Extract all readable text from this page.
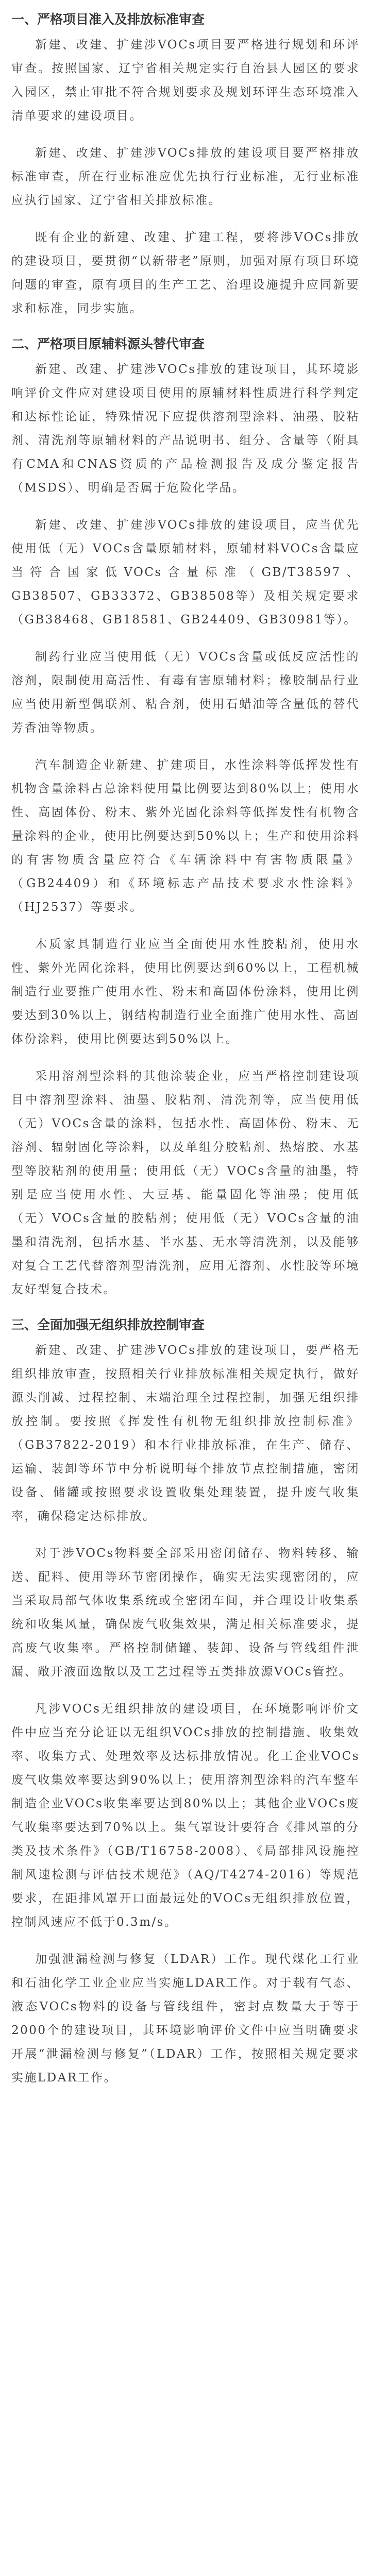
一、严格项目准入及排放标准审查

新建、改建、扩建涉VOCs项目要严格进行规划和环评审查。按照国家、辽宁省相关规定实行自治县人园区的要求入园区，禁止审批不符合规划要求及规划环评生态环境准入清单要求的建设项目。

新建、改建、扩建涉VOCs排放的建设项目要严格排放标准审查，所在行业标准应优先执行行业标准，无行业标准应执行国家、辽宁省相关排放标准。

既有企业的新建、改建、扩建工程，要将涉VOCs排放的建设项目，要贯彻“以新带老”原则，加强对原有项目环境问题的审查，原有项目的生产工艺、治理设施提升应同新要求和标准，同步实施。

二、严格项目原辅料源头替代审查

新建、改建、扩建涉VOCs排放的建设项目，其环境影响评价文件应对建设项目使用的原辅材料性质进行科学判定和达标性论证，特殊情况下应提供溶剂型涂料、油墨、胶粘剂、清洗剂等原辅材料的产品说明书、组分、含量等（附具有CMA和CNAS资质的产品检测报告及成分鉴定报告（MSDS）、明确是否属于危险化学品。

新建、改建、扩建涉VOCs排放的建设项目，应当优先使用低（无）VOCs含量原辅材料，原辅材料VOCs含量应当符合国家低VOCs含量标准（GB/T38597、GB38507、GB33372、GB38508等）及相关规定要求（GB38468、GB18581、GB24409、GB30981等）。

制药行业应当使用低（无）VOCs含量或低反应活性的溶剂，限制使用高活性、有毒有害原辅材料；橡胶制品行业应当使用新型偶联剂、粘合剂，使用石蜡油等含量低的替代芳香油等物质。

汽车制造企业新建、扩建项目，水性涂料等低挥发性有机物含量涂料占总涂料使用量比例要达到80%以上；使用水性、高固体份、粉末、紫外光固化涂料等低挥发性有机物含量涂料的企业，使用比例要达到50%以上；生产和使用涂料的有害物质含量应符合《车辆涂料中有害物质限量》（GB24409）和《环境标志产品技术要求水性涂料》（HJ2537）等要求。

木质家具制造行业应当全面使用水性胶粘剂，使用水性、紫外光固化涂料，使用比例要达到60%以上，工程机械制造行业要推广使用水性、粉末和高固体份涂料，使用比例要达到30%以上，钢结构制造行业全面推广使用水性、高固体份涂料，使用比例要达到50%以上。

采用溶剂型涂料的其他涂装企业，应当严格控制建设项目中溶剂型涂料、油墨、胶粘剂、清洗剂等，应当使用低（无）VOCs含量的涂料，包括水性、高固体份、粉末、无溶剂、辐射固化等涂料，以及单组分胶粘剂、热熔胶、水基型等胶粘剂的使用量；使用低（无）VOCs含量的油墨，特别是应当使用水性、大豆基、能量固化等油墨；使用低（无）VOCs含量的胶粘剂；使用低（无）VOCs含量的油墨和清洗剂，包括水基、半水基、无水等清洗剂，以及能够对复合工艺代替溶剂型清洗剂，应用无溶剂、水性胶等环境友好型复合技术。

三、全面加强无组织排放控制审查

新建、改建、扩建涉VOCs排放的建设项目，要严格无组织排放审查，按照相关行业排放标准相关规定执行，做好源头削减、过程控制、末端治理全过程控制，加强无组织排放控制。要按照《挥发性有机物无组织排放控制标准》（GB37822-2019）和本行业排放标准，在生产、储存、运输、装卸等环节中分析说明每个排放节点控制措施，密闭设备、储罐或按照要求设置收集处理装置，提升废气收集率，确保稳定达标排放。

对于涉VOCs物料要全部采用密闭储存、物料转移、输送、配料、使用等环节密闭操作，确实无法实现密闭的，应当采取局部气体收集系统或全密闭车间，并合理设计收集系统和收集风量，确保废气收集效果，满足相关标准要求，提高废气收集率。严格控制储罐、装卸、设备与管线组件泄漏、敞开液面逸散以及工艺过程等五类排放源VOCs管控。

凡涉VOCs无组织排放的建设项目，在环境影响评价文件中应当充分论证以无组织VOCs排放的控制措施、收集效率、收集方式、处理效率及达标排放情况。化工企业VOCs废气收集效率要达到90%以上；使用溶剂型涂料的汽车整车制造企业VOCs收集率要达到80%以上；其他企业VOCs废气收集率要达到70%以上。集气罩设计要符合《排风罩的分类及技术条件》（GB/T16758-2008）、《局部排风设施控制风速检测与评估技术规范》（AQ/T4274-2016）等规范要求，在距排风罩开口面最远处的VOCs无组织排放位置，控制风速应不低于0.3m/s。

加强泄漏检测与修复（LDAR）工作。现代煤化工行业和石油化学工业企业应当实施LDAR工作。对于载有气态、液态VOCs物料的设备与管线组件，密封点数量大于等于2000个的建设项目，其环境影响评价文件中应当明确要求开展“泄漏检测与修复”（LDAR）工作，按照相关规定要求实施LDAR工作。
